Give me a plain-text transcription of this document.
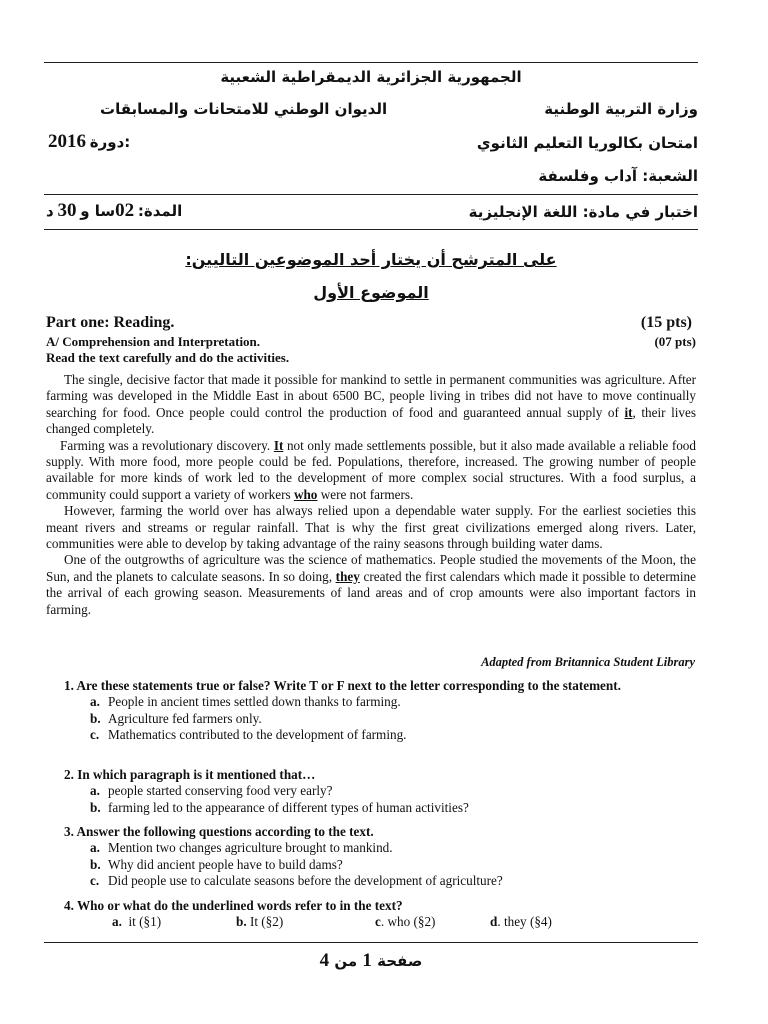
الجمهورية الجزائرية الديمقراطية الشعبية
وزارة التربية الوطنية
الديوان الوطني للامتحانات والمسابقات
امتحان بكالوريا التعليم الثانوي
2016 دورة:
الشعبة: آداب وفلسفة
اختبار في مادة: اللغة الإنجليزية
المدة: 02سا و 30 د
على المترشح أن يختار أحد الموضوعين التاليين:
الموضوع الأول
Part one: Reading.	(15 pts)
A/ Comprehension and Interpretation.	(07 pts)
Read the text carefully and do the activities.

The single, decisive factor that made it possible for mankind to settle in permanent communities was agriculture. After farming was developed in the Middle East in about 6500 BC, people living in tribes did not have to move continually searching for food. Once people could control the production of food and guaranteed annual supply of it, their lives changed completely.

Farming was a revolutionary discovery. It not only made settlements possible, but it also made available a reliable food supply. With more food, more people could be fed. Populations, therefore, increased. The growing number of people available for more kinds of work led to the development of more complex social structures. With a food surplus, a community could support a variety of workers who were not farmers.

However, farming the world over has always relied upon a dependable water supply. For the earliest societies this meant rivers and streams or regular rainfall. That is why the first great civilizations emerged along rivers. Later, communities were able to develop by taking advantage of the rainy seasons through building water dams.

One of the outgrowths of agriculture was the science of mathematics. People studied the movements of the Moon, the Sun, and the planets to calculate seasons. In so doing, they created the first calendars which made it possible to determine the arrival of each growing season. Measurements of land areas and of crop amounts were also important factors in farming.

Adapted from Britannica Student Library
1. Are these statements true or false? Write T or F next to the letter corresponding to the statement.
a. People in ancient times settled down thanks to farming.
b. Agriculture fed farmers only.
c. Mathematics contributed to the development of farming.
2. In which paragraph is it mentioned that…
a. people started conserving food very early?
b. farming led to the appearance of different types of human activities?
3. Answer the following questions according to the text.
a. Mention two changes agriculture brought to mankind.
b. Why did ancient people have to build dams?
c. Did people use to calculate seasons before the development of agriculture?
4. Who or what do the underlined words refer to in the text?
a. it (§1)	b. It (§2)	c. who (§2)	d. they (§4)
صفحة 1 من 4
